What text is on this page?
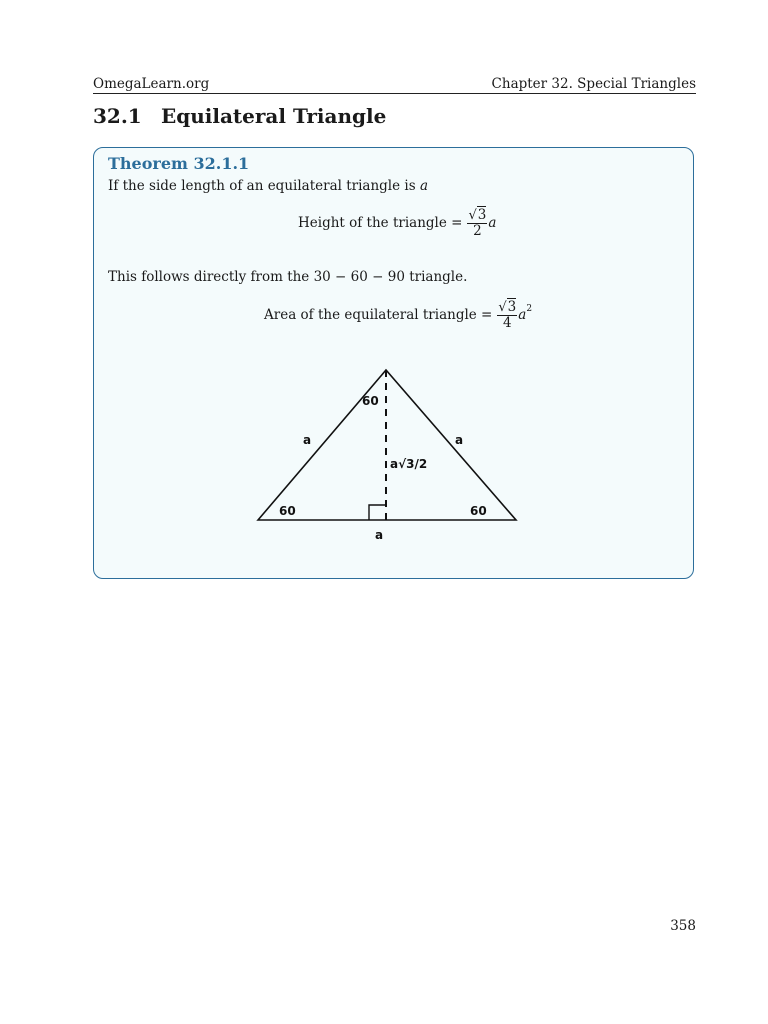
OmegaLearn.org	Chapter 32. Special Triangles
32.1 Equilateral Triangle
Theorem 32.1.1
If the side length of an equilateral triangle is a
Height of the triangle = $\frac{√3}{2}$ a
This follows directly from the 30 − 60 − 90 triangle.
Area of the equilateral triangle = $\frac{√3}{4} a^2$
60
a	a
a√3/2
60	60
a
358
